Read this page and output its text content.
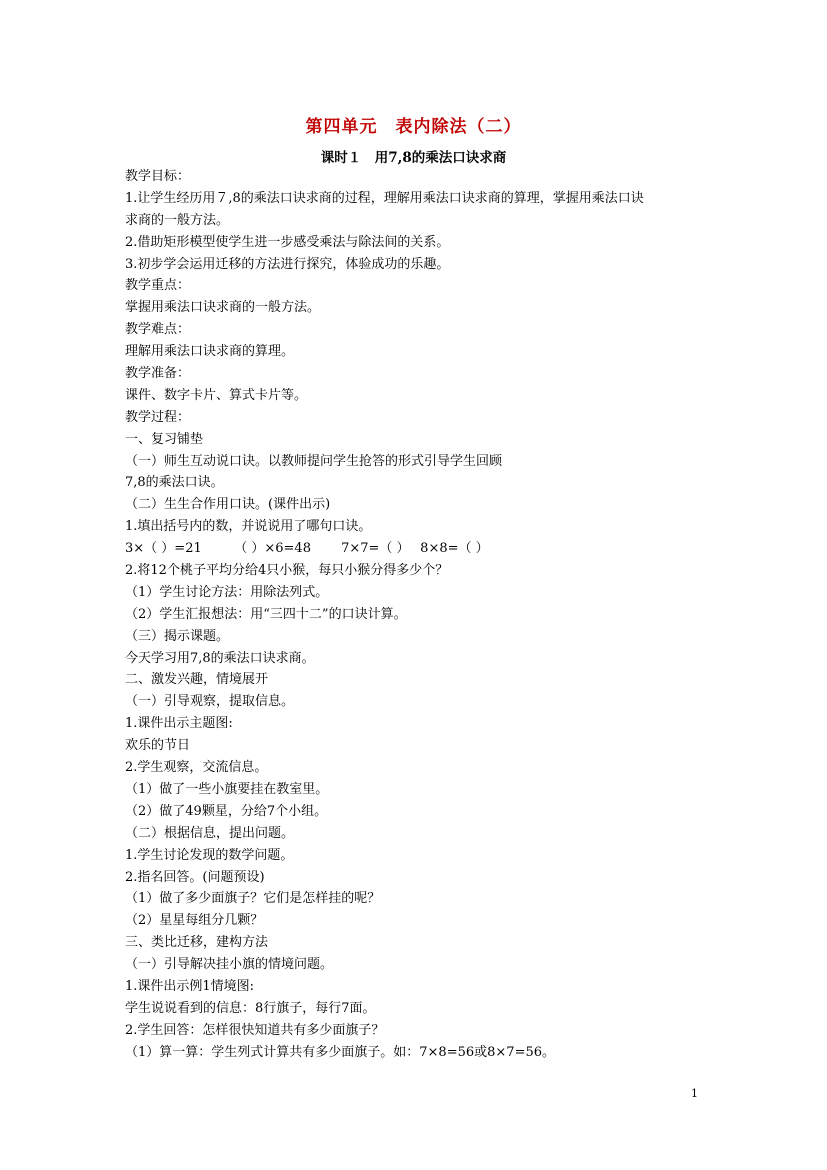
第四单元　表内除法（二）
课时１　用7,8的乘法口诀求商
教学目标：
1.让学生经历用７,8的乘法口诀求商的过程，理解用乘法口诀求商的算理，掌握用乘法口诀
求商的一般方法。
2.借助矩形模型使学生进一步感受乘法与除法间的关系。
3.初步学会运用迁移的方法进行探究，体验成功的乐趣。
教学重点：
掌握用乘法口诀求商的一般方法。
教学难点：
理解用乘法口诀求商的算理。
教学准备：
课件、数字卡片、算式卡片等。
教学过程：
一、复习铺垫
（一）师生互动说口诀。以教师提问学生抢答的形式引导学生回顾
7,8的乘法口诀。
（二）生生合作用口诀。(课件出示)
1.填出括号内的数，并说说用了哪句口诀。
3×（ ）=21　　　（ ）×6=48　　 7×7=（ ）　 8×8=（ ）
2.将12个桃子平均分给4只小猴，每只小猴分得多少个？
（1）学生讨论方法：用除法列式。
（2）学生汇报想法：用“三四十二”的口诀计算。
（三）揭示课题。
今天学习用7,8的乘法口诀求商。
二、激发兴趣，情境展开
（一）引导观察，提取信息。
1.课件出示主题图:
欢乐的节日
2.学生观察，交流信息。
（1）做了一些小旗要挂在教室里。
（2）做了49颗星，分给7个小组。
（二）根据信息，提出问题。
1.学生讨论发现的数学问题。
2.指名回答。(问题预设)
（1）做了多少面旗子？它们是怎样挂的呢？
（2）星星每组分几颗？
三、类比迁移，建构方法
（一）引导解决挂小旗的情境问题。
1.课件出示例1情境图:
学生说说看到的信息：8行旗子，每行7面。
2.学生回答：怎样很快知道共有多少面旗子？
（1）算一算：学生列式计算共有多少面旗子。如：7×8=56或8×7=56。
1
